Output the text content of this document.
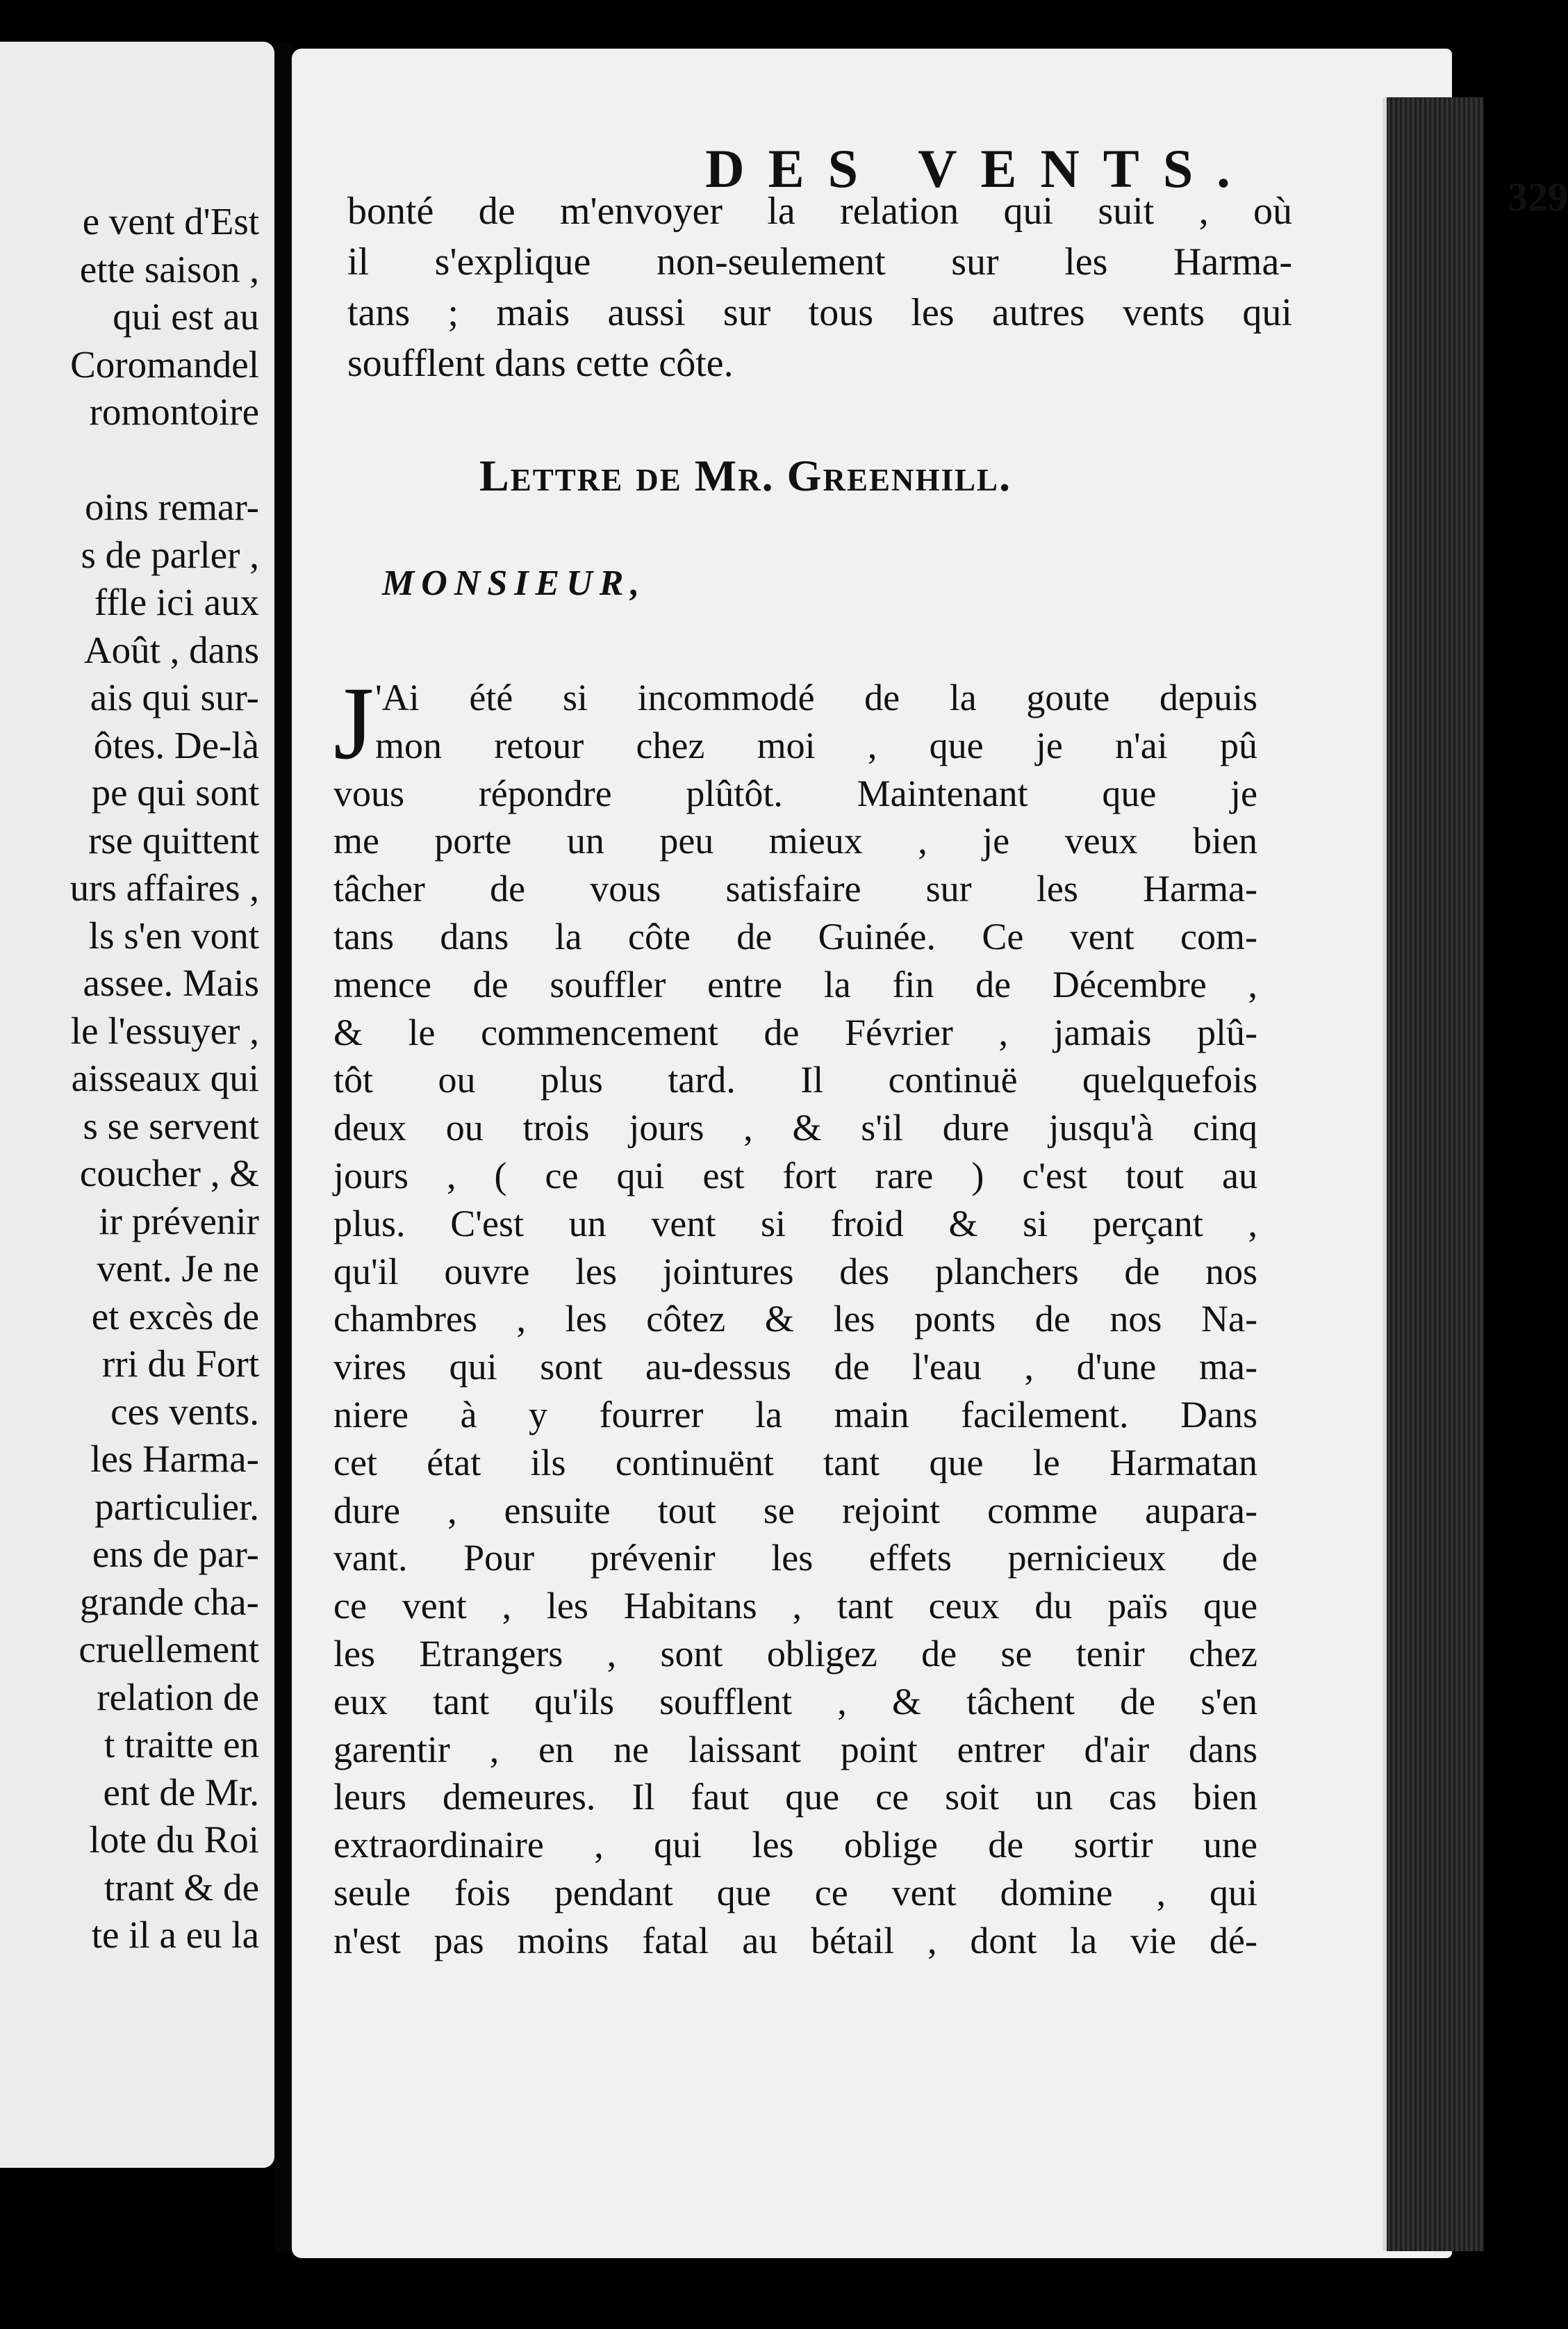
e vent d'Est
ette saison ,
qui est au
Coromandel
romontoire

oins remar-
s de parler ,
ffle ici aux
Août , dans
ais qui sur-
ôtes. De-là
pe qui sont
rse quittent
urs affaires ,
ls s'en vont
assee. Mais
le l'essuyer ,
aisseaux qui
s se servent
coucher , &
ir prévenir
vent. Je ne
et excès de
rri du Fort
ces vents.
les Harma-
particulier.
ens de par-
grande cha-
cruellement
relation de
t traitte en
ent de Mr.
lote du Roi
trant & de
te il a eu la
DES VENTS.	329
bonté de m'envoyer la relation qui suit , où
il s'explique non-seulement sur les Harma-
tans ; mais aussi sur tous les autres vents qui
soufflent dans cette côte.
Lettre de Mr. Greenhill.
MONSIEUR,
J 'Ai été si incommodé de la goute depuis
mon retour chez moi , que je n'ai pû
vous répondre plûtôt. Maintenant que je
me porte un peu mieux , je veux bien
tâcher de vous satisfaire sur les Harma-
tans dans la côte de Guinée. Ce vent com-
mence de souffler entre la fin de Décembre ,
& le commencement de Février , jamais plû-
tôt ou plus tard. Il continuë quelquefois
deux ou trois jours , & s'il dure jusqu'à cinq
jours , ( ce qui est fort rare ) c'est tout au
plus. C'est un vent si froid & si perçant ,
qu'il ouvre les jointures des planchers de nos
chambres , les côtez & les ponts de nos Na-
vires qui sont au-dessus de l'eau , d'une ma-
niere à y fourrer la main facilement. Dans
cet état ils continuënt tant que le Harmatan
dure , ensuite tout se rejoint comme aupara-
vant. Pour prévenir les effets pernicieux de
ce vent , les Habitans , tant ceux du païs que
les Etrangers , sont obligez de se tenir chez
eux tant qu'ils soufflent , & tâchent de s'en
garentir , en ne laissant point entrer d'air dans
leurs demeures. Il faut que ce soit un cas bien
extraordinaire , qui les oblige de sortir une
seule fois pendant que ce vent domine , qui
n'est pas moins fatal au bétail , dont la vie dé-
